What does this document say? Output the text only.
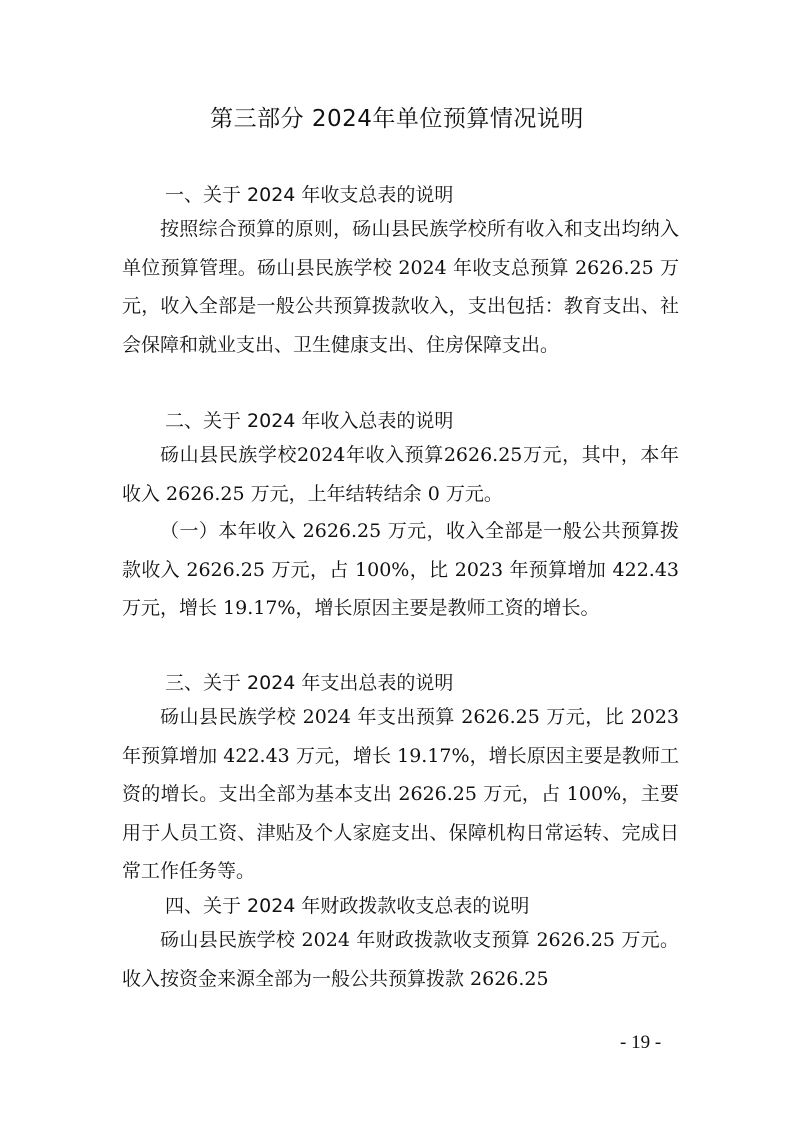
第三部分 2024年单位预算情况说明
一、关于 2024 年收支总表的说明

按照综合预算的原则，砀山县民族学校所有收入和支出均纳入单位预算管理。砀山县民族学校 2024 年收支总预算 2626.25 万元，收入全部是一般公共预算拨款收入，支出包括：教育支出、社会保障和就业支出、卫生健康支出、住房保障支出。

二、关于 2024 年收入总表的说明

砀山县民族学校2024年收入预算2626.25万元，其中，本年收入 2626.25 万元，上年结转结余 0 万元。

（一）本年收入 2626.25 万元，收入全部是一般公共预算拨款收入 2626.25 万元，占 100%，比 2023 年预算增加 422.43 万元，增长 19.17%，增长原因主要是教师工资的增长。

三、关于 2024 年支出总表的说明

砀山县民族学校 2024 年支出预算 2626.25 万元，比 2023 年预算增加 422.43 万元，增长 19.17%，增长原因主要是教师工资的增长。支出全部为基本支出 2626.25 万元，占 100%，主要用于人员工资、津贴及个人家庭支出、保障机构日常运转、完成日常工作任务等。

四、关于 2024 年财政拨款收支总表的说明

砀山县民族学校 2024 年财政拨款收支预算 2626.25 万元。收入按资金来源全部为一般公共预算拨款 2626.25

- 19 -
